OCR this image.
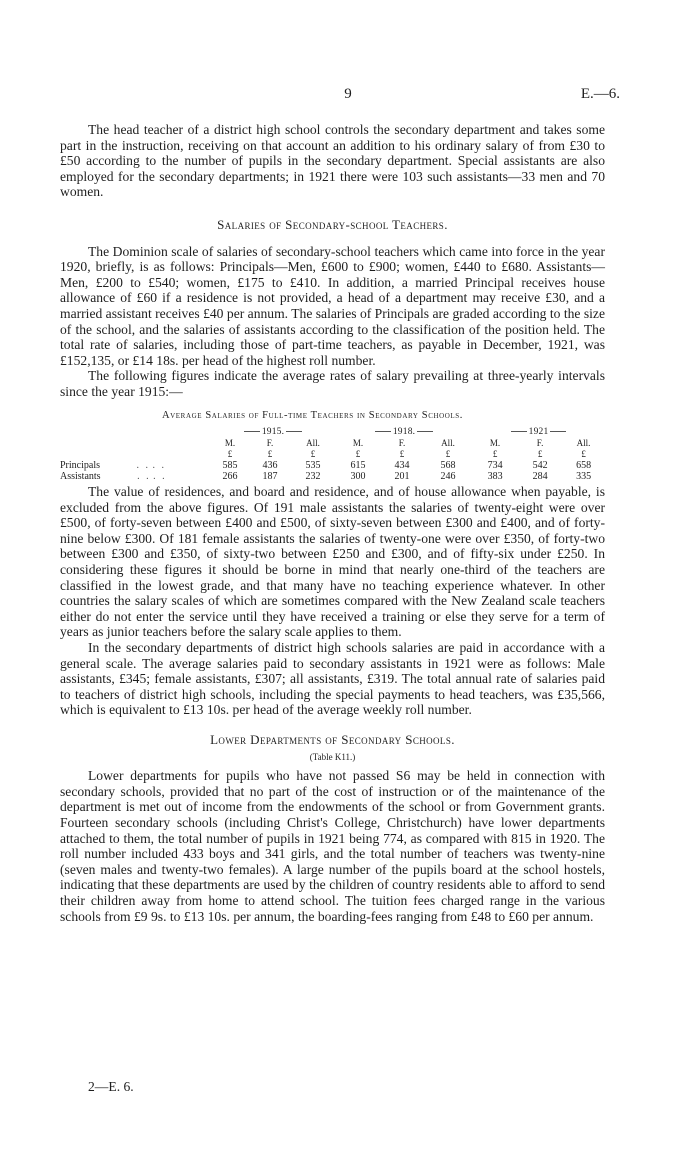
9	E.—6.

The head teacher of a district high school controls the secondary department and takes some part in the instruction, receiving on that account an addition to his ordinary salary of from £30 to £50 according to the number of pupils in the secondary department. Special assistants are also employed for the secondary departments; in 1921 there were 103 such assistants—33 men and 70 women.

Salaries of Secondary-school Teachers.

The Dominion scale of salaries of secondary-school teachers which came into force in the year 1920, briefly, is as follows: Principals—Men, £600 to £900; women, £440 to £680. Assistants—Men, £200 to £540; women, £175 to £410. In addition, a married Principal receives house allowance of £60 if a residence is not provided, a head of a department may receive £30, and a married assistant receives £40 per annum. The salaries of Principals are graded according to the size of the school, and the salaries of assistants according to the classification of the position held. The total rate of salaries, including those of part-time teachers, as payable in December, 1921, was £152,135, or £14 18s. per head of the highest roll number.

The following figures indicate the average rates of salary prevailing at three-yearly intervals since the year 1915:—

Average Salaries of Full-time Teachers in Secondary Schools.
	1915.			1918.			1921		
	M.	F.	All.	M.	F.	All.	M.	F.	All.
	£	£	£	£	£	£	£	£	£
Principals . . . .	585	436	535	615	434	568	734	542	658
Assistants . . . .	266	187	232	300	201	246	383	284	335

The value of residences, and board and residence, and of house allowance when payable, is excluded from the above figures. Of 191 male assistants the salaries of twenty-eight were over £500, of forty-seven between £400 and £500, of sixty-seven between £300 and £400, and of forty-nine below £300. Of 181 female assistants the salaries of twenty-one were over £350, of forty-two between £300 and £350, of sixty-two between £250 and £300, and of fifty-six under £250. In considering these figures it should be borne in mind that nearly one-third of the teachers are classified in the lowest grade, and that many have no teaching experience whatever. In other countries the salary scales of which are sometimes compared with the New Zealand scale teachers either do not enter the service until they have received a training or else they serve for a term of years as junior teachers before the salary scale applies to them.

In the secondary departments of district high schools salaries are paid in accordance with a general scale. The average salaries paid to secondary assistants in 1921 were as follows: Male assistants, £345; female assistants, £307; all assistants, £319. The total annual rate of salaries paid to teachers of district high schools, including the special payments to head teachers, was £35,566, which is equivalent to £13 10s. per head of the average weekly roll number.

Lower Departments of Secondary Schools.
(Table K11.)

Lower departments for pupils who have not passed S6 may be held in connection with secondary schools, provided that no part of the cost of instruction or of the maintenance of the department is met out of income from the endowments of the school or from Government grants. Fourteen secondary schools (including Christ's College, Christchurch) have lower departments attached to them, the total number of pupils in 1921 being 774, as compared with 815 in 1920. The roll number included 433 boys and 341 girls, and the total number of teachers was twenty-nine (seven males and twenty-two females). A large number of the pupils board at the school hostels, indicating that these departments are used by the children of country residents able to afford to send their children away from home to attend school. The tuition fees charged range in the various schools from £9 9s. to £13 10s. per annum, the boarding-fees ranging from £48 to £60 per annum.

2—E. 6.
